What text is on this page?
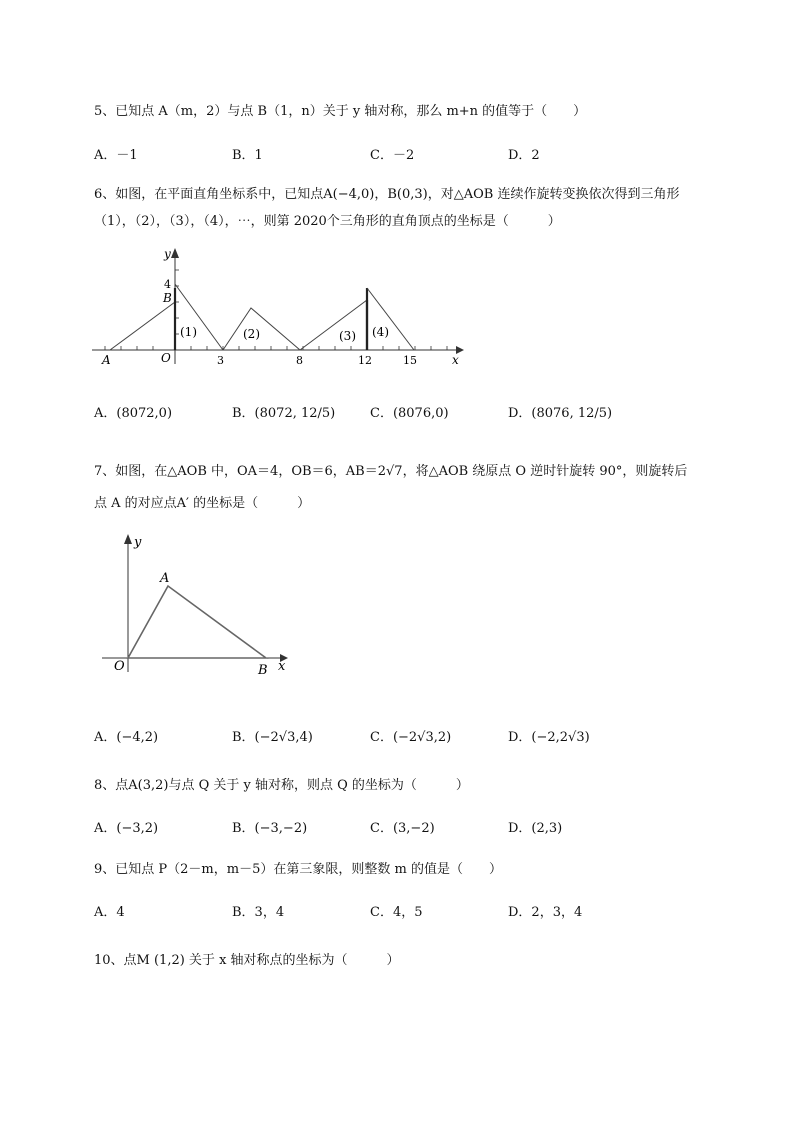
5、已知点 A（m，2）与点 B（1，n）关于 y 轴对称，那么 m+n 的值等于（　　）
A．－1	B．1	C．－2	D．2
6、如图，在平面直角坐标系中，已知点A(−4,0)，B(0,3)，对△AOB 连续作旋转变换依次得到三角形
（1），（2），（3），（4），⋯，则第 2020个三角形的直角顶点的坐标是（　　　）
y
x
A	O
B
4
3	8	12	15
(1)	(2)	(3) (4)
A．(8072,0)	B．(8072, 12/5)	C．(8076,0)	D．(8076, 12/5)
7、如图，在△AOB 中，OA＝4，OB＝6，AB＝2√7，将△AOB 绕原点 O 逆时针旋转 90°，则旋转后
点 A 的对应点A′ 的坐标是（　　　）
y
x
A
O	B
A．(−4,2)	B．(−2√3,4)	C．(−2√3,2)	D．(−2,2√3)
8、点A(3,2)与点 Q 关于 y 轴对称，则点 Q 的坐标为（　　　）
A．(−3,2)	B．(−3,−2)	C．(3,−2)	D．(2,3)
9、已知点 P（2－m，m－5）在第三象限，则整数 m 的值是（　　）
A．4	B．3，4	C．4，5	D．2，3，4
10、点M (1,2) 关于 x 轴对称点的坐标为（　　　）
